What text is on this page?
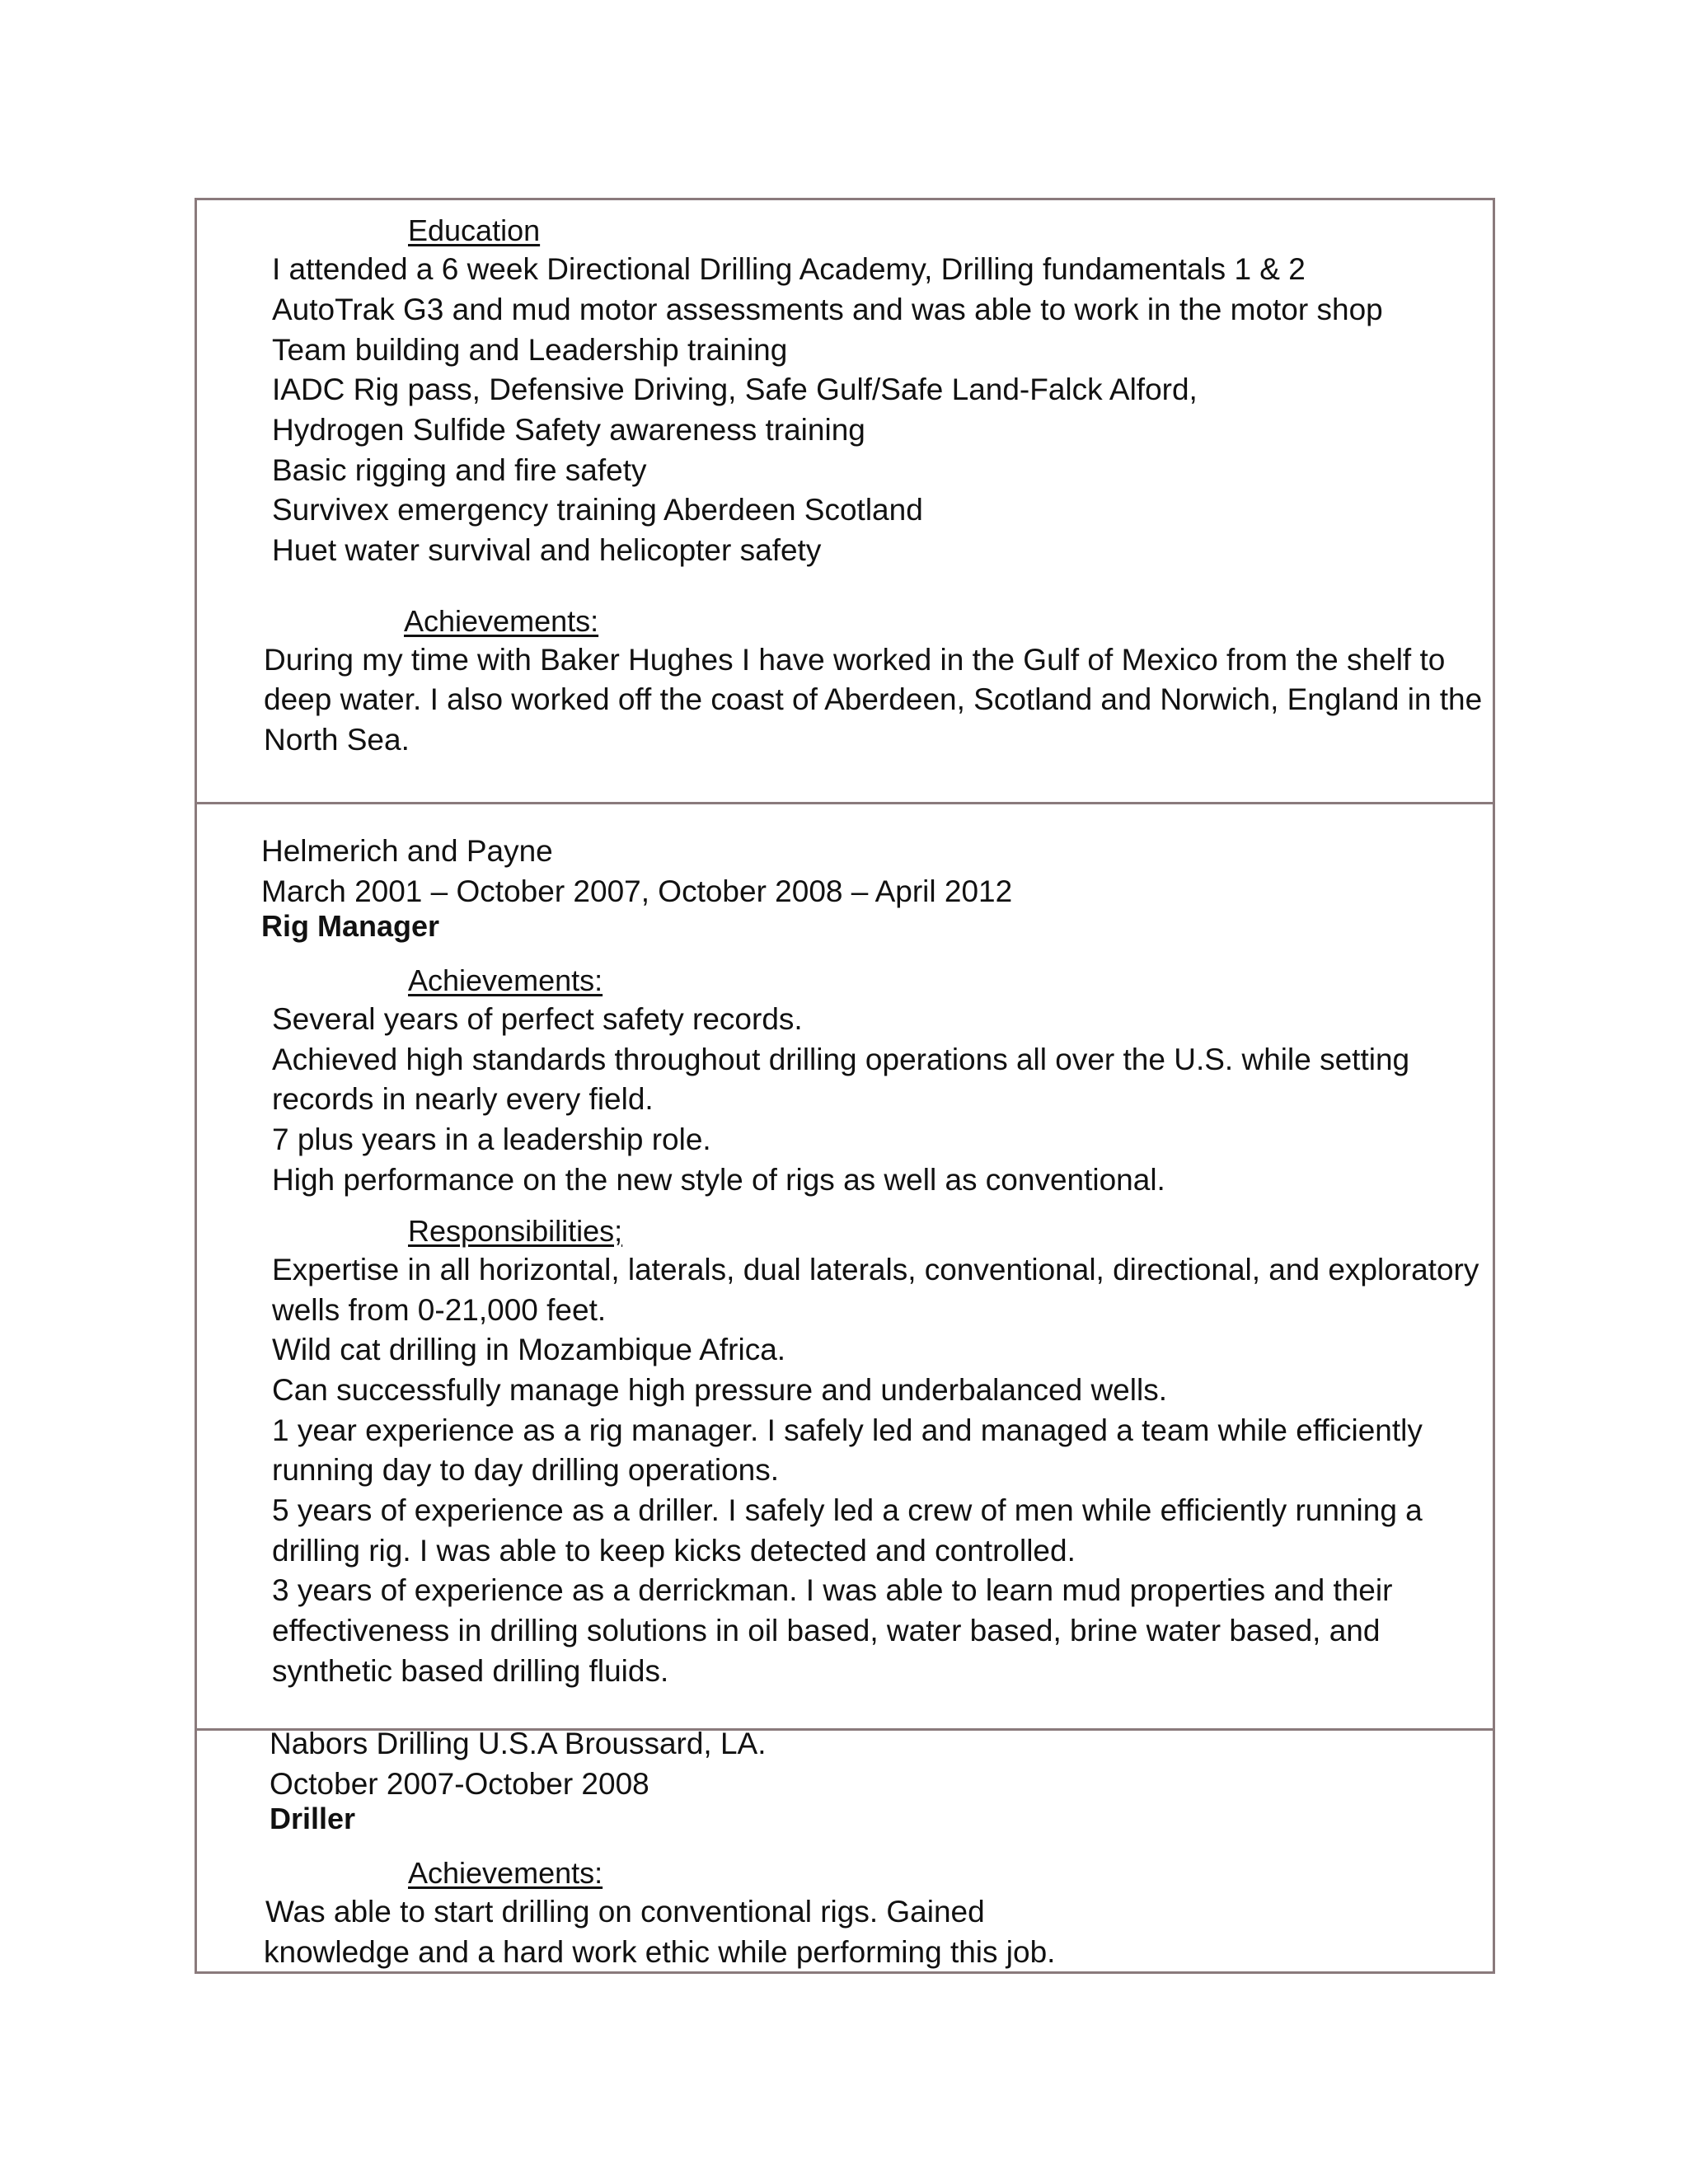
Education
I attended a 6 week Directional Drilling Academy, Drilling fundamentals 1 & 2
AutoTrak G3 and mud motor assessments and was able to work in the motor shop
Team building and Leadership training
IADC Rig pass, Defensive Driving, Safe Gulf/Safe Land-Falck Alford,
Hydrogen Sulfide Safety awareness training
Basic rigging and fire safety
Survivex emergency training Aberdeen Scotland
Huet water survival and helicopter safety
Achievements:
During my time with Baker Hughes I have worked in the Gulf of Mexico from the shelf to
deep water. I also worked off the coast of Aberdeen, Scotland and Norwich, England in the
North Sea.
Helmerich and Payne
March 2001 – October 2007, October 2008 – April 2012
Rig Manager
Achievements:
Several years of perfect safety records.
Achieved high standards throughout drilling operations all over the U.S. while setting
records in nearly every field.
7 plus years in a leadership role.
High performance on the new style of rigs as well as conventional.
Responsibilities;
Expertise in all horizontal, laterals, dual laterals, conventional, directional, and exploratory
wells from 0-21,000 feet.
Wild cat drilling in Mozambique Africa.
Can successfully manage high pressure and underbalanced wells.
1 year experience as a rig manager. I safely led and managed a team while efficiently
running day to day drilling operations.
5 years of experience as a driller. I safely led a crew of men while efficiently running a
drilling rig. I was able to keep kicks detected and controlled.
3 years of experience as a derrickman. I was able to learn mud properties and their
effectiveness in drilling solutions in oil based, water based, brine water based, and
synthetic based drilling fluids.
Nabors Drilling U.S.A Broussard, LA.
October 2007-October 2008
Driller
Achievements:
Was able to start drilling on conventional rigs. Gained
knowledge and a hard work ethic while performing this job.
